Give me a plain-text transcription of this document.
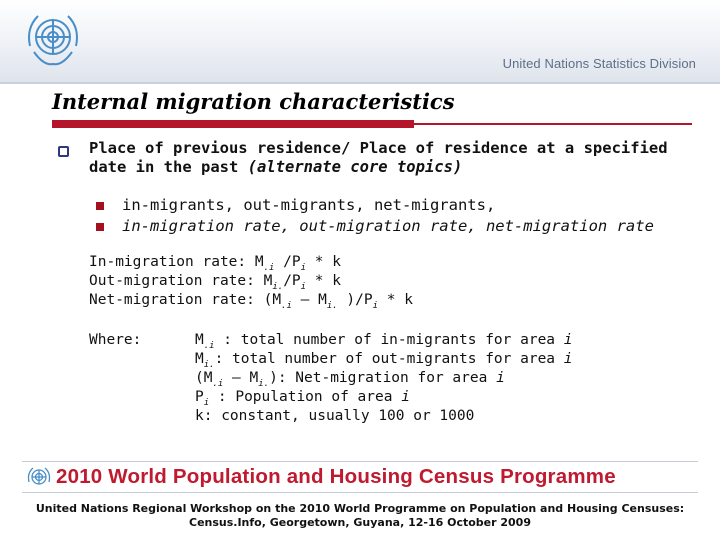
United Nations Statistics Division
Internal migration characteristics
Place of previous residence/ Place of residence at a specified date in the past (alternate core topics)
in-migrants, out-migrants, net-migrants,
in-migration rate, out-migration rate, net-migration rate
In-migration rate: $M_{.i}$ $/P_i$ * k
Out-migration rate: $M_{i.}/P_i$ * k
Net-migration rate: ($M_{.i} - M_{i.}$ )$/P_i$ * k
Where:	$M_{.i}$ : total number of in-migrants for area i
$M_{i.}$: total number of out-migrants for area i
$(M_{.i} - M_{i.})$: Net-migration for area i
$P_i$ : Population of area i
k: constant, usually 100 or 1000
2010 World Population and Housing Census Programme
United Nations Regional Workshop on the 2010 World Programme on Population and Housing Censuses:
Census.Info, Georgetown, Guyana, 12-16 October 2009
